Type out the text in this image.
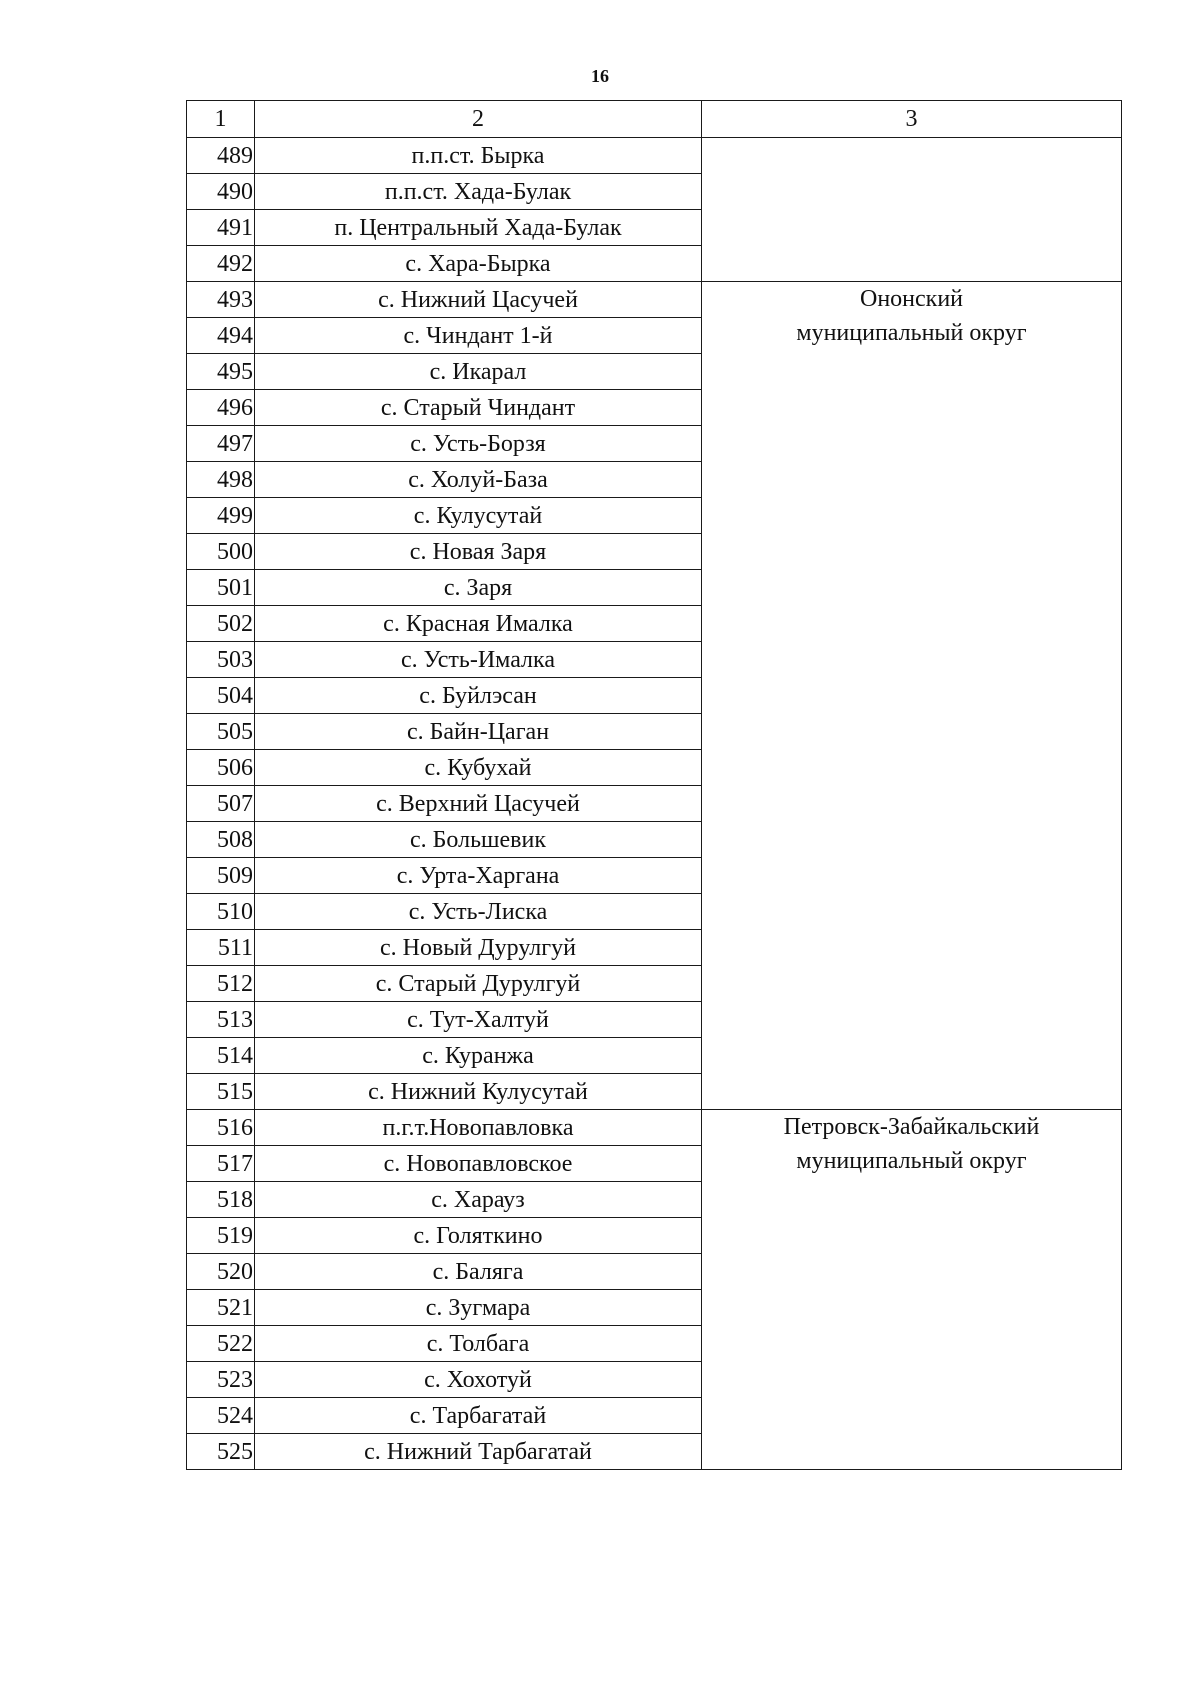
16
1	2	3
489	п.п.ст. Бырка	
490	п.п.ст. Хада-Булак	
491	п. Центральный Хада-Булак	
492	с. Хара-Бырка	
493	с. Нижний Цасучей	Ононский
муниципальный округ

494	с. Чиндант 1-й	
495	с. Икарал	
496	с. Старый Чиндант	
497	с. Усть-Борзя	
498	с. Холуй-База	
499	с. Кулусутай	
500	с. Новая Заря	
501	с. Заря	
502	с. Красная Ималка	
503	с. Усть-Ималка	
504	с. Буйлэсан	
505	с. Байн-Цаган	
506	с. Кубухай	
507	с. Верхний Цасучей	
508	с. Большевик	
509	с. Урта-Харгана	
510	с. Усть-Лиска	
511	с. Новый Дурулгуй	
512	с. Старый Дурулгуй	
513	с. Тут-Халтуй	
514	с. Куранжа	
515	с. Нижний Кулусутай	
516	п.г.т.Новопавловка	Петровск-Забайкальский
муниципальный округ

517	с. Новопавловское	
518	с. Харауз	
519	с. Голяткино	
520	с. Баляга	
521	с. Зугмара	
522	с. Толбага	
523	с. Хохотуй	
524	с. Тарбагатай	
525	с. Нижний Тарбагатай	
